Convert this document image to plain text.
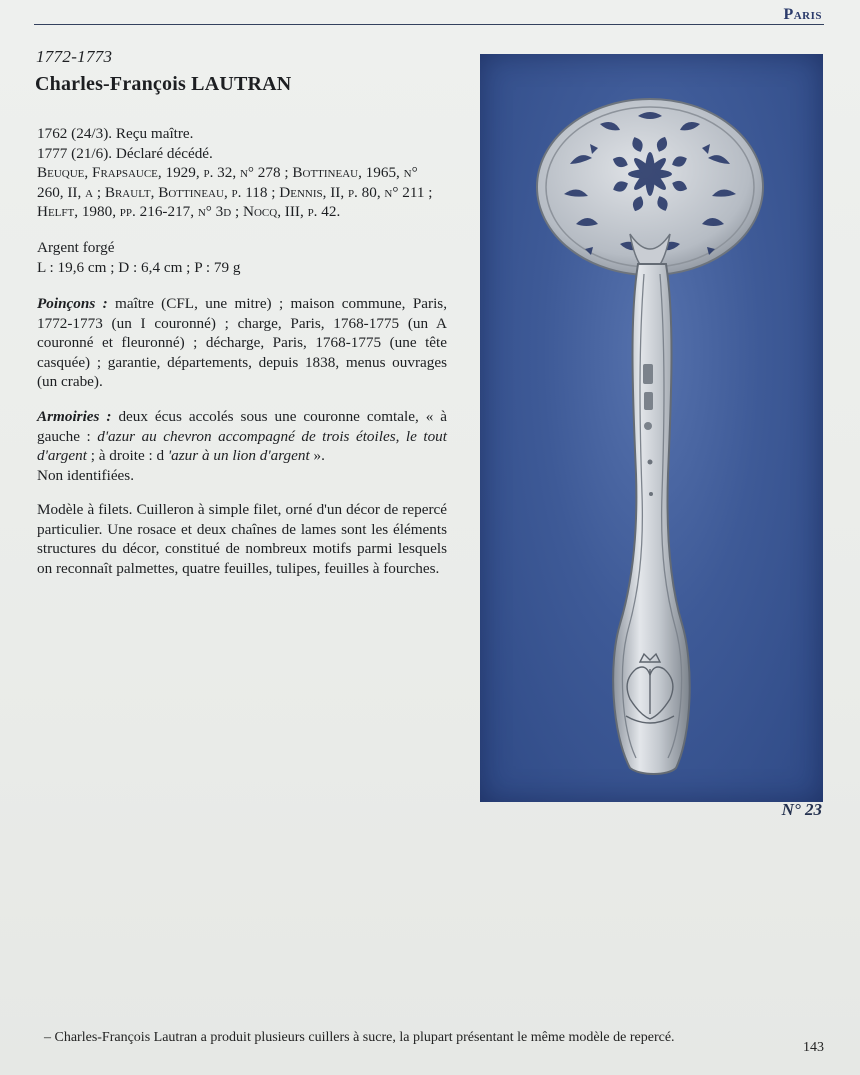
Paris
1772-1773
Charles-François LAUTRAN

1762 (24/3). Reçu maître.

1777 (21/6). Déclaré décédé.

Beuque, Frapsauce, 1929, p. 32, n° 278 ; Bottineau, 1965, n° 260, II, a ; Brault, Bottineau, p. 118 ; Dennis, II, p. 80, n° 211 ; Helft, 1980, pp. 216-217, n° 3d ; Nocq, III, p. 42.

Argent forgé

L : 19,6 cm ; D : 6,4 cm ; P : 79 g

Poinçons : maître (CFL, une mitre) ; maison commune, Paris, 1772-1773 (un I couronné) ; charge, Paris, 1768-1775 (un A couronné et fleuronné) ; décharge, Paris, 1768-1775 (une tête casquée) ; garantie, départements, depuis 1838, menus ouvrages (un crabe).

Armoiries : deux écus accolés sous une couronne comtale, « à gauche : d'azur au chevron accompagné de trois étoiles, le tout d'argent ; à droite : d 'azur à un lion d'argent ».

Non identifiées.

Modèle à filets. Cuilleron à simple filet, orné d'un décor de repercé particulier. Une rosace et deux chaînes de lames sont les éléments structures du décor, constitué de nombreux motifs parmi lesquels on reconnaît palmettes, quatre feuilles, tulipes, feuilles à fourches.

N° 23
– Charles-François Lautran a produit plusieurs cuillers à sucre, la plupart présentant le même modèle de repercé.
143
